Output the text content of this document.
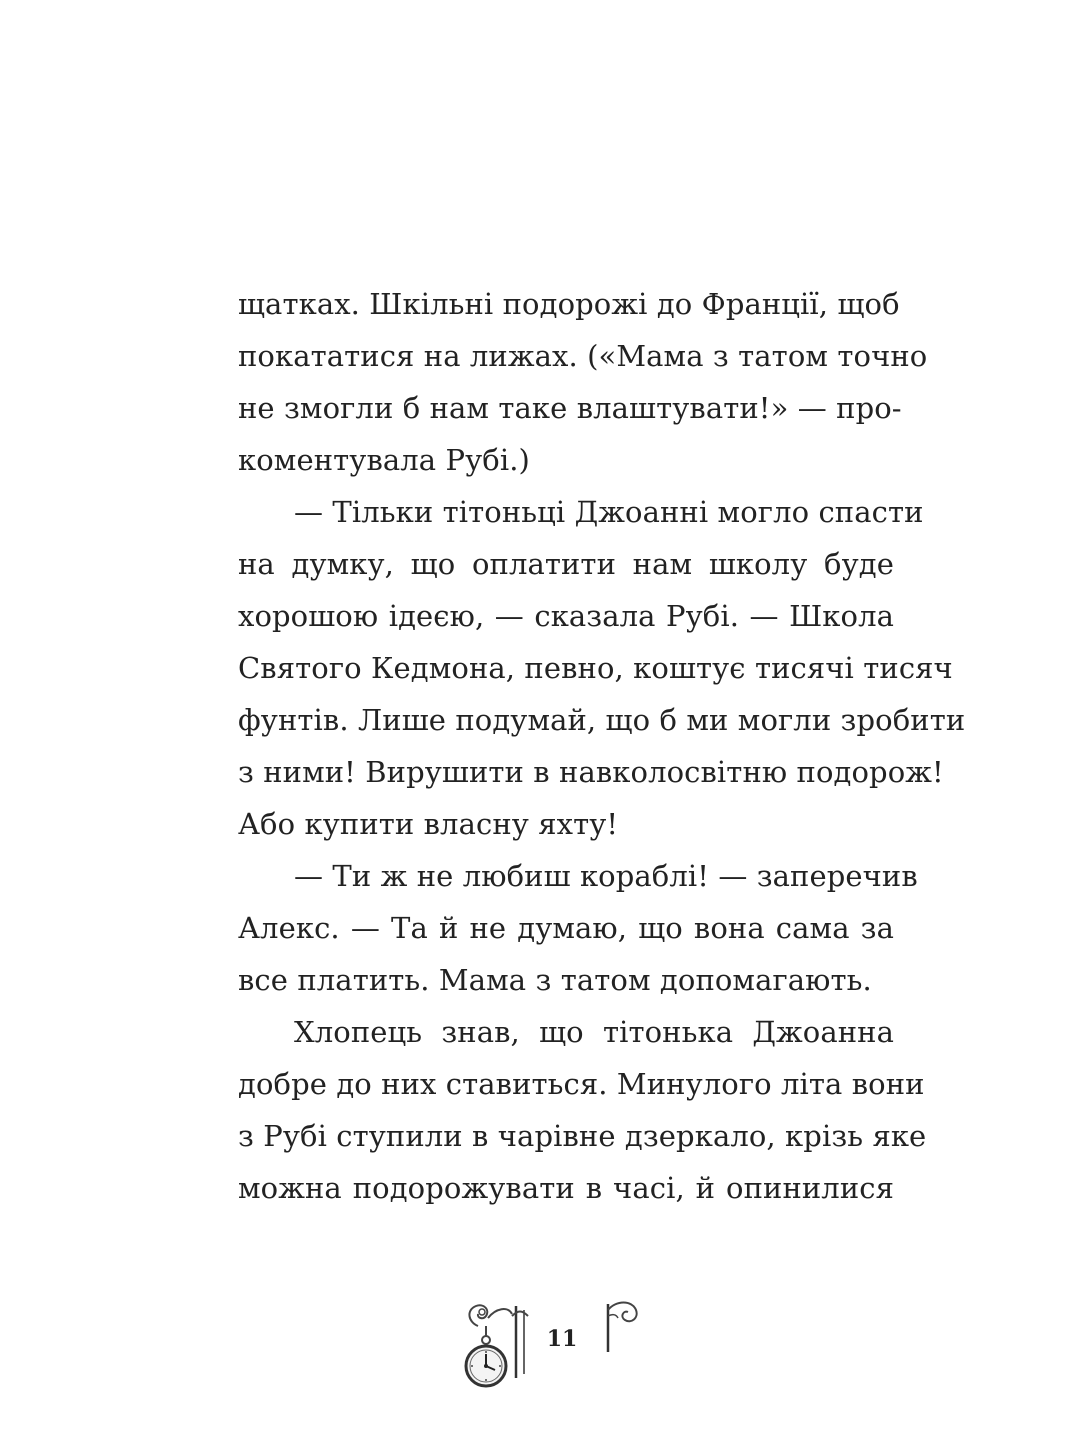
щатках. Шкільні подорожі до Франції, щоб
покататися на лижах. («Мама з татом точно
не змогли б нам таке влаштувати!» — про-
коментувала Рубі.)
— Тільки тітоньці Джоанні могло спасти
на думку, що оплатити нам школу буде
хорошою ідеєю, — сказала Рубі. — Школа
Святого Кедмона, певно, коштує тисячі тисяч
фунтів. Лише подумай, що б ми могли зробити
з ними! Вирушити в навколосвітню подорож!
Або купити власну яхту!
— Ти ж не любиш кораблі! — заперечив
Алекс. — Та й не думаю, що вона сама за
все платить. Мама з татом допомагають.
Хлопець знав, що тітонька Джоанна
добре до них ставиться. Минулого літа вони
з Рубі ступили в чарівне дзеркало, крізь яке
можна подорожувати в часі, й опинилися
11
